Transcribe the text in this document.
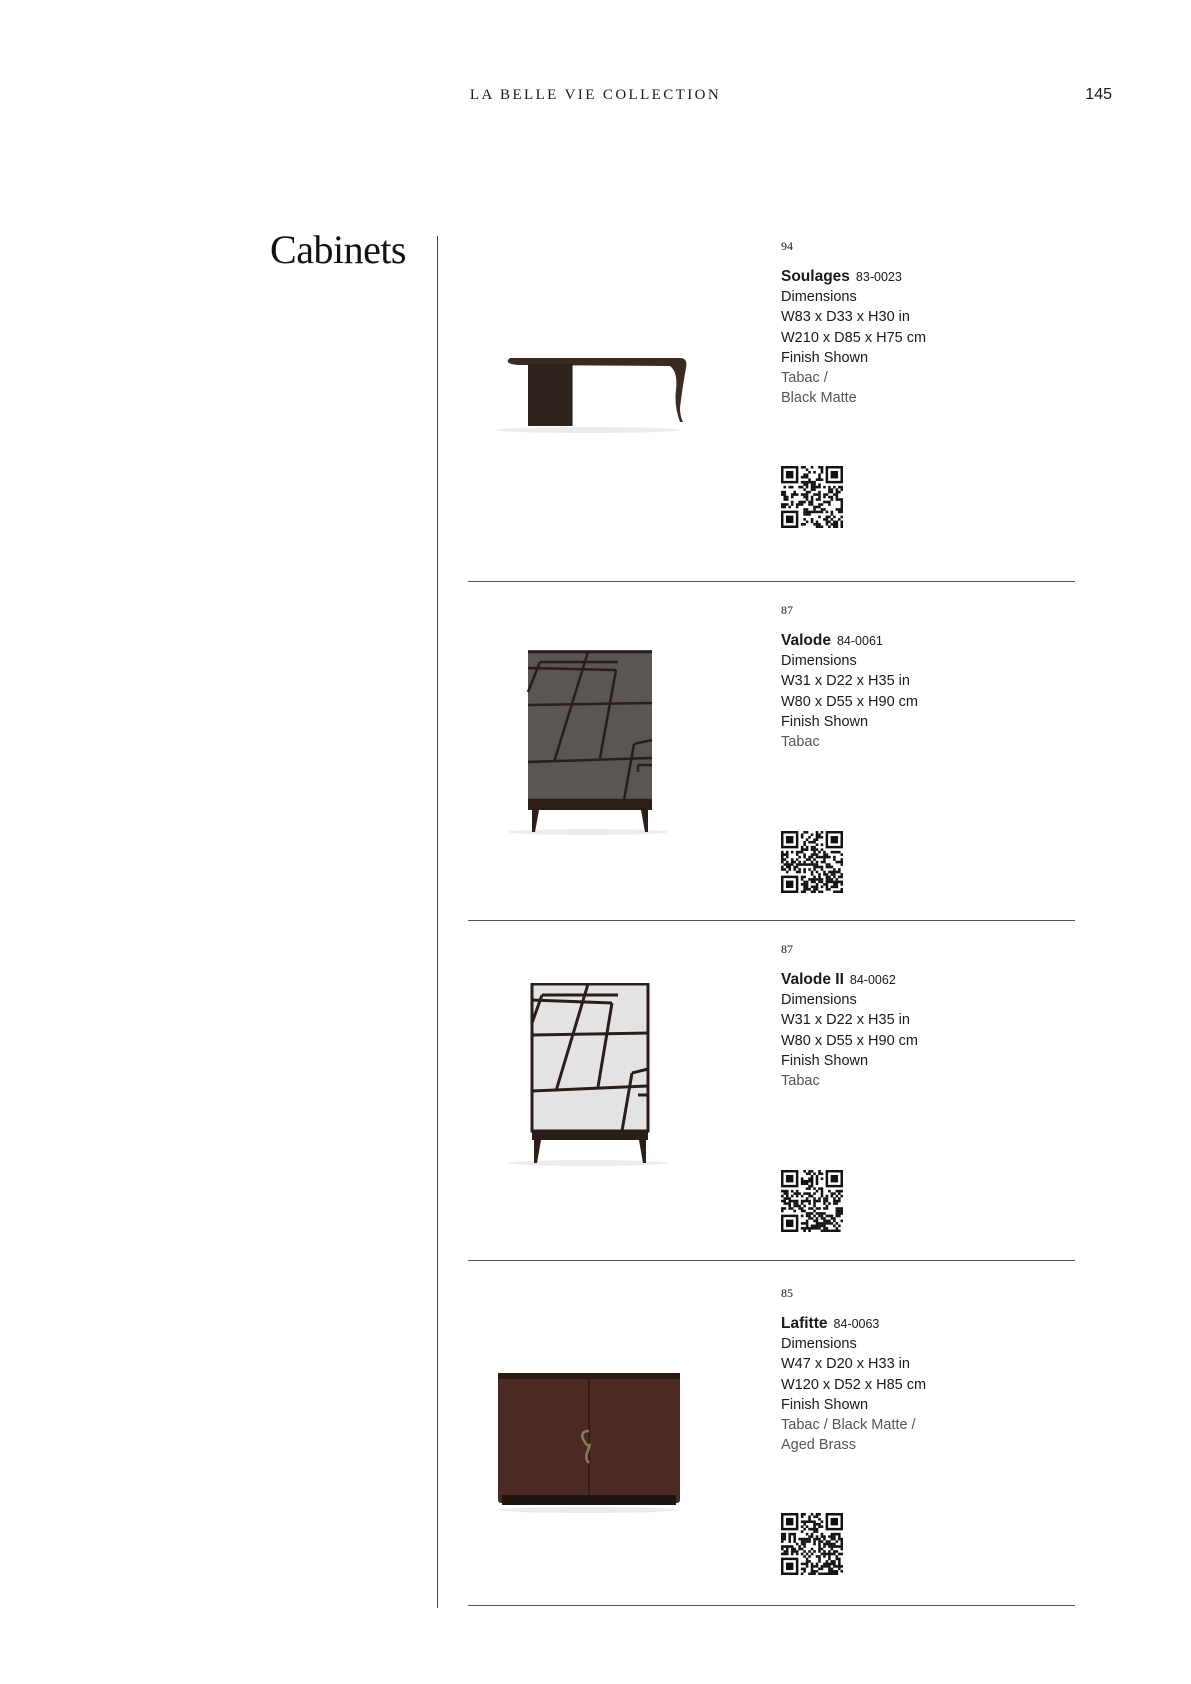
LA BELLE VIE COLLECTION	145
Cabinets	94
Soulages 83-0023
Dimensions
W83 x D33 x H30 in
W210 x D85 x H75 cm
Finish Shown
Tabac /
Black Matte
87
Valode 84-0061
Dimensions
W31 x D22 x H35 in
W80 x D55 x H90 cm
Finish Shown
Tabac
87
Valode II 84-0062
Dimensions
W31 x D22 x H35 in
W80 x D55 x H90 cm
Finish Shown
Tabac
85
Lafitte 84-0063
Dimensions
W47 x D20 x H33 in
W120 x D52 x H85 cm
Finish Shown
Tabac / Black Matte /
Aged Brass
